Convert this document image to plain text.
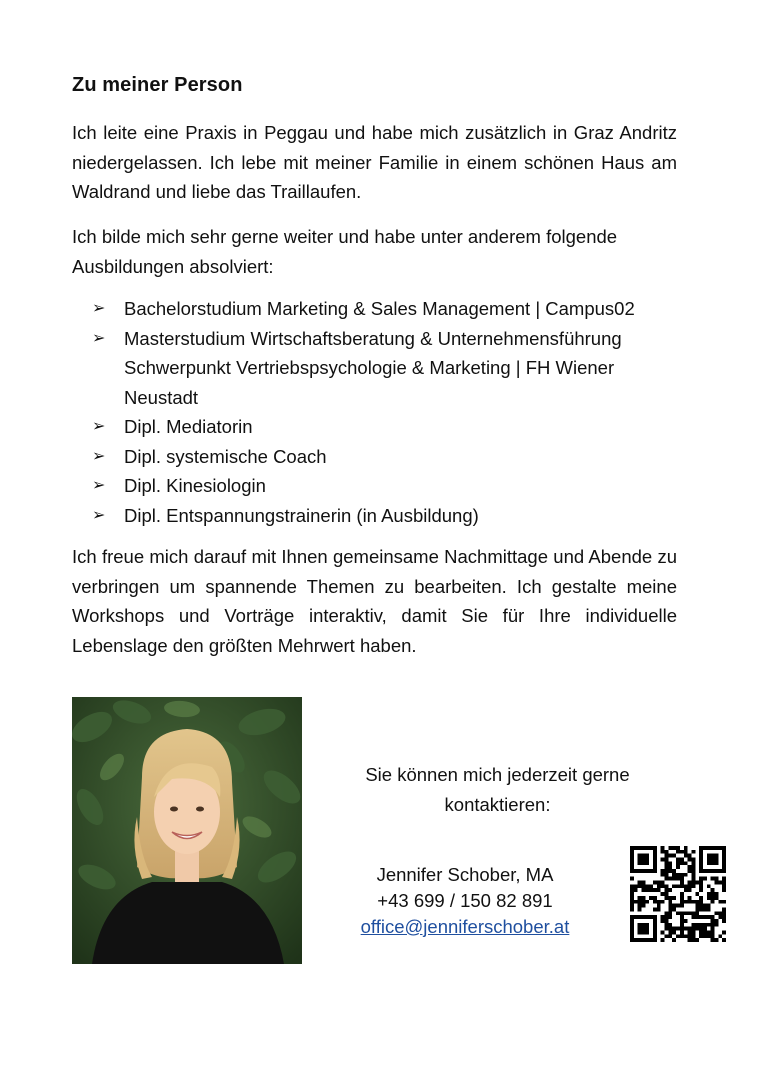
Zu meiner Person

Ich leite eine Praxis in Peggau und habe mich zusätzlich in Graz Andritz niedergelassen. Ich lebe mit meiner Familie in einem schönen Haus am Waldrand und liebe das Traillaufen.

Ich bilde mich sehr gerne weiter und habe unter anderem folgende Ausbildungen absolviert:

➢ Bachelorstudium Marketing & Sales Management | Campus02
➢ Masterstudium Wirtschaftsberatung & Unternehmensführung Schwerpunkt Vertriebspsychologie & Marketing | FH Wiener Neustadt
➢ Dipl. Mediatorin
➢ Dipl. systemische Coach
➢ Dipl. Kinesiologin
➢ Dipl. Entspannungstrainerin (in Ausbildung)

Ich freue mich darauf mit Ihnen gemeinsame Nachmittage und Abende zu verbringen um spannende Themen zu bearbeiten. Ich gestalte meine Workshops und Vorträge interaktiv, damit Sie für Ihre individuelle Lebenslage den größten Mehrwert haben.

Sie können mich jederzeit gerne kontaktieren:

Jennifer Schober, MA
+43 699 / 150 82 891
office@jenniferschober.at
